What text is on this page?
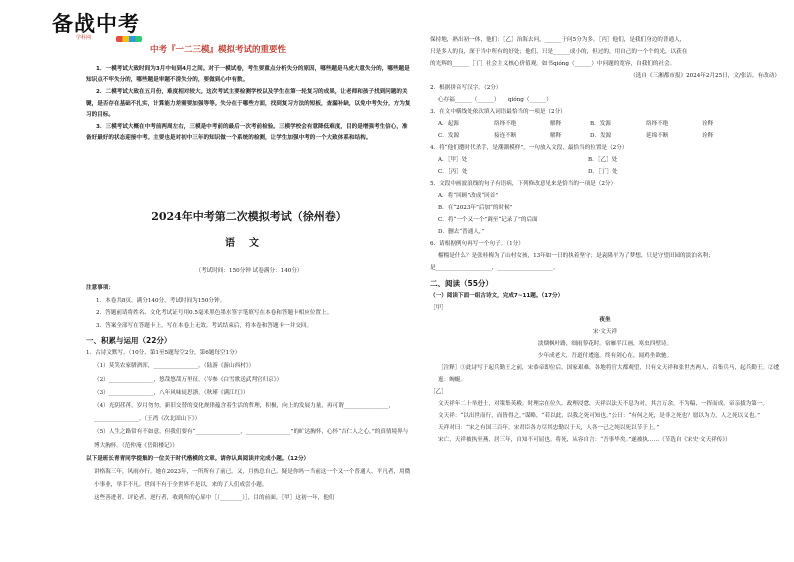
备战中考
学科网
中考『一二三模』模拟考试的重要性

1．一模考试大致时间为3月中旬到4月之间。对于一模试卷，考生要重点分析失分的原因，哪些题是马虎大意失分的，哪些题是知识点不牢失分的，哪些题是审题不清失分的，要做到心中有数。

2．二模考试大致在五月份，难度相对较大。这次考试主要检测学校以及学生在第一轮复习的成果，让老师和孩子找到问题的关键，是否存在基础不扎实，计算能力差需要加强等等。失分在于哪些方面，找到复习方法的短板，查漏补缺，以免中考失分，方为复习的目标。

3．三模考试大概在中考前两周左右，三模是中考前的最后一次考前检验。三模学校会有意降低难度，目的是增强考生信心，准备好最好的状态迎接中考。主要也是对初中三年的知识做一个系统的检测，让学生加强中考的一个大致体系和结构。

2024年中考第二次模拟考试（徐州卷）
语文
（考试时间：150分钟 试卷满分：140分）
注意事项：

1．本卷共8页。满分140分，考试时间为150分钟。

2．答题前请将姓名、文化考试证号用0.5毫米黑色墨水签字笔填写在本卷和答题卡相应位置上。

3．答案全部写在答题卡上，写在本卷上无效。考试结束后，将本卷和答题卡一并交回。

一、积累与运用（22分）

1．古诗文默写。（10分，第1至5题每空2分，第6题每空1分）

（1）莫笑农家腊酒浑，________________。（陆游《游山西村》）

（2）________________，悠哉悠哉万里征。（岑参《白雪歌送武判官归京》）

（3）________________，八年风味徒思浙。（秋瑾《满江红》）

（4）光阴荏苒，岁月勿勿，新旧交替的变化规律蕴含着生活的哲理，积极，向上的发展力量，再可谓________________，________________。（王湾《次北固山下》）

（5）人生之路常有不如意，但我们要有“________________，________________”的旷达胸怀，心怀“吉仁人之心，”的真情境界与博大胸怀。（范仲淹《岳阳楼记》）

以下是班长青青同学提集的一位关于时代楷模的文章。请你认真阅读并完成小题。（12分）

讲格海三年，风雨亦行。她在2023年，一所所有了前已。又，月热总自己。疑是你吗一当前这一个又一个普通人，平凡者，用微小事业，举手不凡。世间不有于全世界不是以，来的了人们成尝小题。

这些善进者、评论者、逆行者，收到所的心扉中［（________）］，目的前面。［甲］这初一年，他们

保持地，熟出初一体，他们：［乙］治海去问，______于问5分为多。［丙］他们，是我们身边的普通人，

只是多人的良，深于当中所有的好处；他们，只是______成小的，但过的，用自己的一个个的光，以获在

的光辉的______［丁］社会主义核心价值观。如书qióng（______）中问题的宽容，自我们的社会。

（选自《三湘都市报》2024年2月25日，文/张洁，有改动）

2．根据拼音写汉字。（2分）

心存福______（______）　　qióng（______）

3．在文中横线处依次填入词语最恰当的一项是（2分）

A．起源	络绎不绝	解释	B．发源	络绎不绝	诠释
C．发源	接连不断	解释	D．发源	延绵不断	诠释

4．将“他们遭时代杀手，是潮潮模样”，一句放入文段，最恰当的位置是（2分）

A．［甲］处	B．［乙］处
C．［丙］处	D．［丁］处

5．文段中画波浪线的句子有语病，下列修改意见来是恰当的一项是（2分）

A．将“回顾”改成“回首”

B．在“2023年”后加“的时候”

C．将“一个又一个”调至“记录了”的后面

D．删去“普通人，”

6．请根据例句再写一个句子。（1分）

榴榴是什么？是张桂梅为了山村女孩，13年如一日的执着坚守；是袁隆平为了梦想，只是守望田园的淡泊名利；

是____________________，____________________。

二、阅读（55分）

（一）阅读下面一组古诗文，完成7~11题。（17分）

［甲］

夜坐

宋·文天祥

淡烟枫叶路，细雨蓼花时。宿雁半江画，寒虫四壁诗。

少年成老大，吾道付逶迤。终有剑心在，闻鸡坐欲驰。

［注释］①此诗写于起兵勤王之前，宋恭帝即位后，国家艰难，各地将官大都观望，只有文天祥和张世杰两人，召集兵马，起兵勤王。②逶迤：蜿蜒。

［乙］

文天祥年二十举进士，对策集英殿。时理宗在位久，政理浸怠，天祥以法天不息为对，其言万余，不为稿，一挥而成。帝亲拔为第一。

文天祥：“以出世而行，而皆得之。”谋略，“若以此，以我之死可知也。”公曰：“有何之死，是非之死也？愿以为力，人之死以义也。”

天祥对曰：“宋之有国三百年。宋君臣各方尽其忠勤以于天，人各一己之纯以死以节于上。”

宋亡，天祥被执至燕，居三年，自知不可屈也。将死，从容自言：“吾事毕矣。”遂被执……（节选自《宋史·文天祥传》）
